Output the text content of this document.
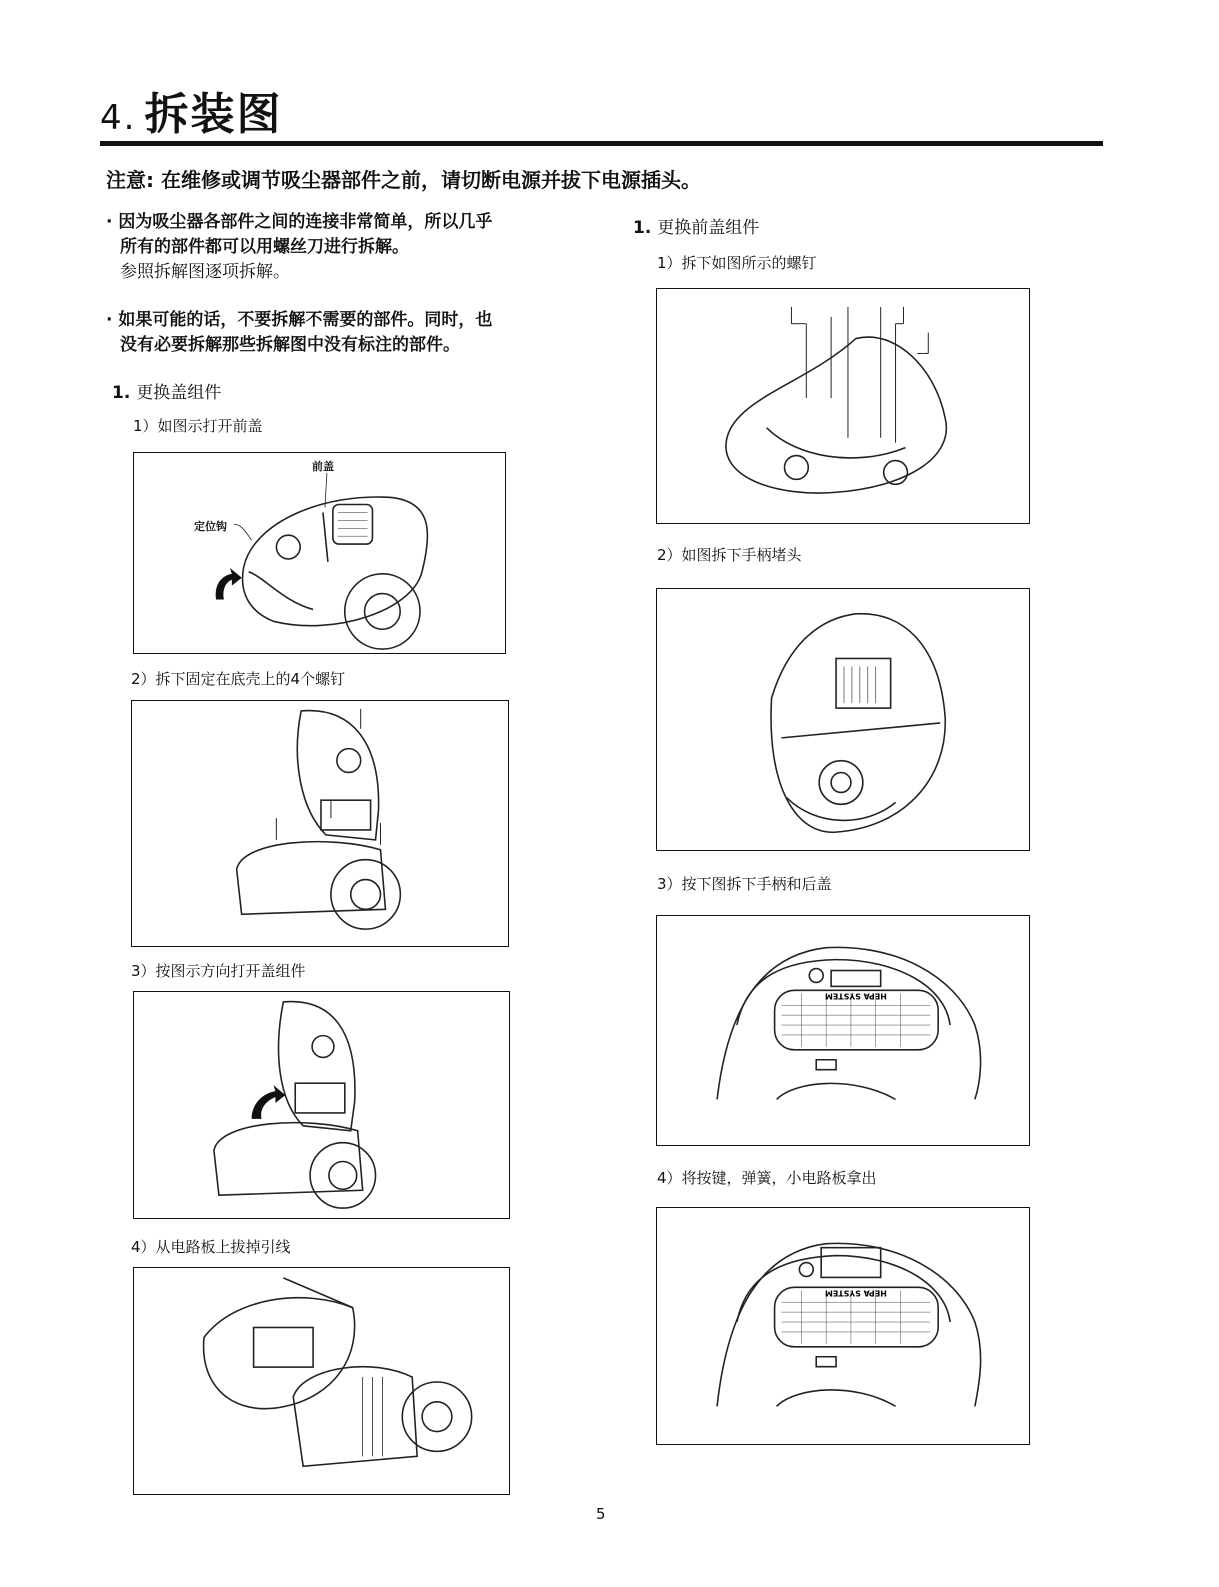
4. 拆装图
注意: 在维修或调节吸尘器部件之前，请切断电源并拔下电源插头。
· 因为吸尘器各部件之间的连接非常简单，所以几乎
所有的部件都可以用螺丝刀进行拆解。
参照拆解图逐项拆解。
· 如果可能的话，不要拆解不需要的部件。同时，也
没有必要拆解那些拆解图中没有标注的部件。
1. 更换盖组件
1）如图示打开前盖
前盖
定位钩
2）拆下固定在底壳上的4个螺钉
3）按图示方向打开盖组件
4）从电路板上拔掉引线
1. 更换前盖组件
1）拆下如图所示的螺钉
2）如图拆下手柄堵头
3）按下图拆下手柄和后盖
HEPA SYSTEM
4）将按键，弹簧，小电路板拿出
HEPA SYSTEM
5
